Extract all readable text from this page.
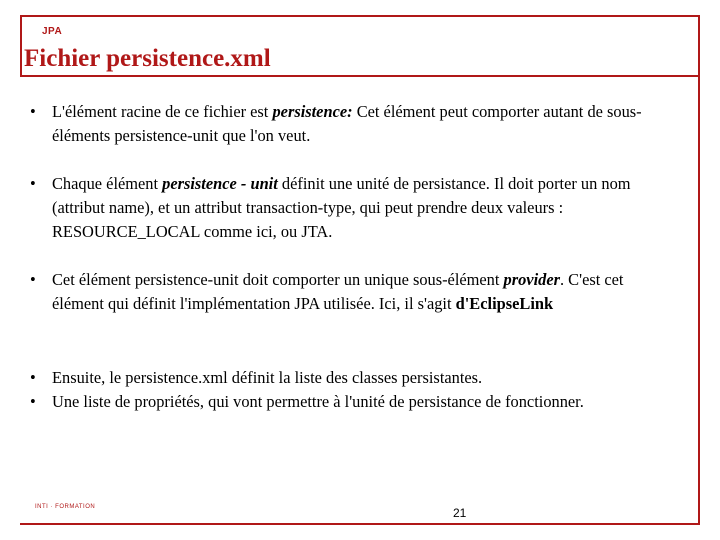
JPA
Fichier persistence.xml
• L'élément racine de ce fichier est persistence: Cet élément peut comporter autant de sous-éléments persistence-unit que l'on veut.
• Chaque élément persistence - unit définit une unité de persistance. Il doit porter un nom (attribut name), et un attribut transaction-type, qui peut prendre deux valeurs : RESOURCE_LOCAL comme ici, ou JTA.
• Cet élément persistence-unit doit comporter un unique sous-élément provider. C'est cet élément qui définit l'implémentation JPA utilisée. Ici, il s'agit d'EclipseLink
• Ensuite, le persistence.xml définit la liste des classes persistantes.
• Une liste de propriétés, qui vont permettre à l'unité de persistance de fonctionner.
INTI · FORMATION	21
